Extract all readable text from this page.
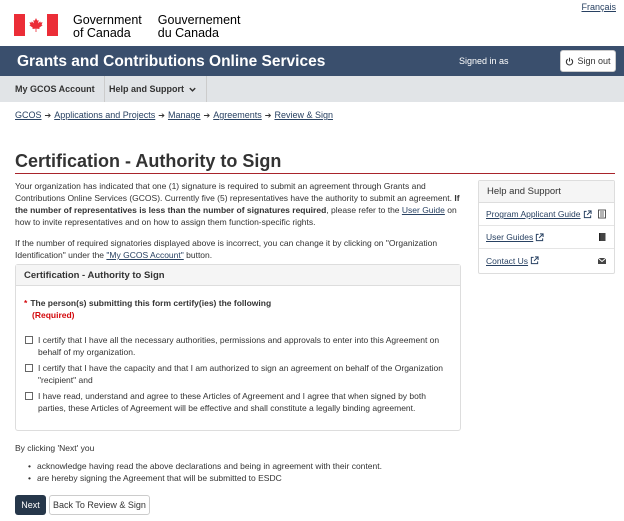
Français
Government
of Canada
Gouvernement
du Canada
Grants and Contributions Online Services	Signed in as	Sign out
My GCOS Account	Help and Support
GCOS ➔ Applications and Projects ➔ Manage ➔ Agreements ➔ Review & Sign
Certification - Authority to Sign

Your organization has indicated that one (1) signature is required to submit an agreement through Grants and Contributions Online Services (GCOS). Currently five (5) representatives have the authority to submit an agreement. If the number of representatives is less than the number of signatures required, please refer to the User Guide on how to invite representatives and on how to assign them function-specific rights.

If the number of required signatories displayed above is incorrect, you can change it by clicking on "Organization Identification" under the "My GCOS Account" button.

Certification - Authority to Sign
* The person(s) submitting this form certify(ies) the following
(Required)
I certify that I have all the necessary authorities, permissions and approvals to enter into this Agreement on behalf of my organization.
I certify that I have the capacity and that I am authorized to sign an agreement on behalf of the Organization "recipient" and
I have read, understand and agree to these Articles of Agreement and I agree that when signed by both parties, these Articles of Agreement will be effective and shall constitute a legally binding agreement.
By clicking 'Next' you
• acknowledge having read the above declarations and being in agreement with their content.
• are hereby signing the Agreement that will be submitted to ESDC
Next	Back To Review & Sign
Help and Support
Program Applicant Guide
User Guides
Contact Us
